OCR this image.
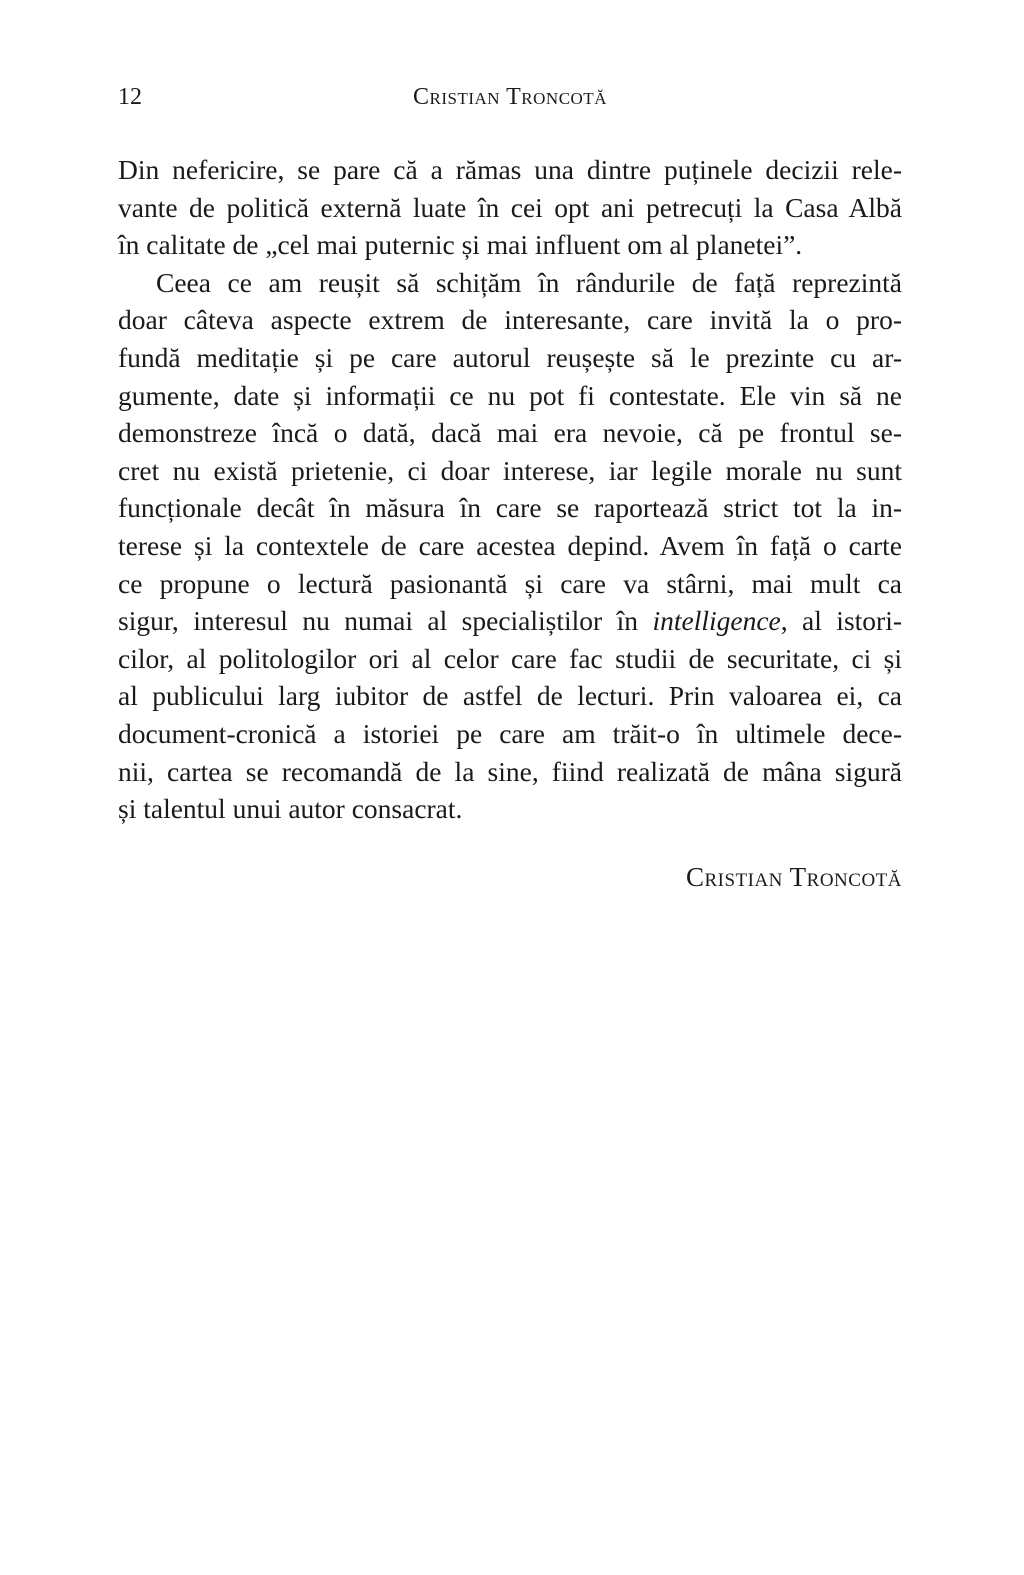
12	Cristian Troncotă
Din nefericire, se pare că a rămas una dintre puținele decizii rele-
vante de politică externă luate în cei opt ani petrecuți la Casa Albă
în calitate de „cel mai puternic și mai influent om al planetei”.
Ceea ce am reușit să schițăm în rândurile de față reprezintă
doar câteva aspecte extrem de interesante, care invită la o pro-
fundă meditație și pe care autorul reușește să le prezinte cu ar-
gumente, date și informații ce nu pot fi contestate. Ele vin să ne
demonstreze încă o dată, dacă mai era nevoie, că pe frontul se-
cret nu există prietenie, ci doar interese, iar legile morale nu sunt
funcționale decât în măsura în care se raportează strict tot la in-
terese și la contextele de care acestea depind. Avem în față o carte
ce propune o lectură pasionantă și care va stârni, mai mult ca
sigur, interesul nu numai al specialiștilor în intelligence, al istori-
cilor, al politologilor ori al celor care fac studii de securitate, ci și
al publicului larg iubitor de astfel de lecturi. Prin valoarea ei, ca
document-cronică a istoriei pe care am trăit-o în ultimele dece-
nii, cartea se recomandă de la sine, fiind realizată de mâna sigură
și talentul unui autor consacrat.
Cristian Troncotă
